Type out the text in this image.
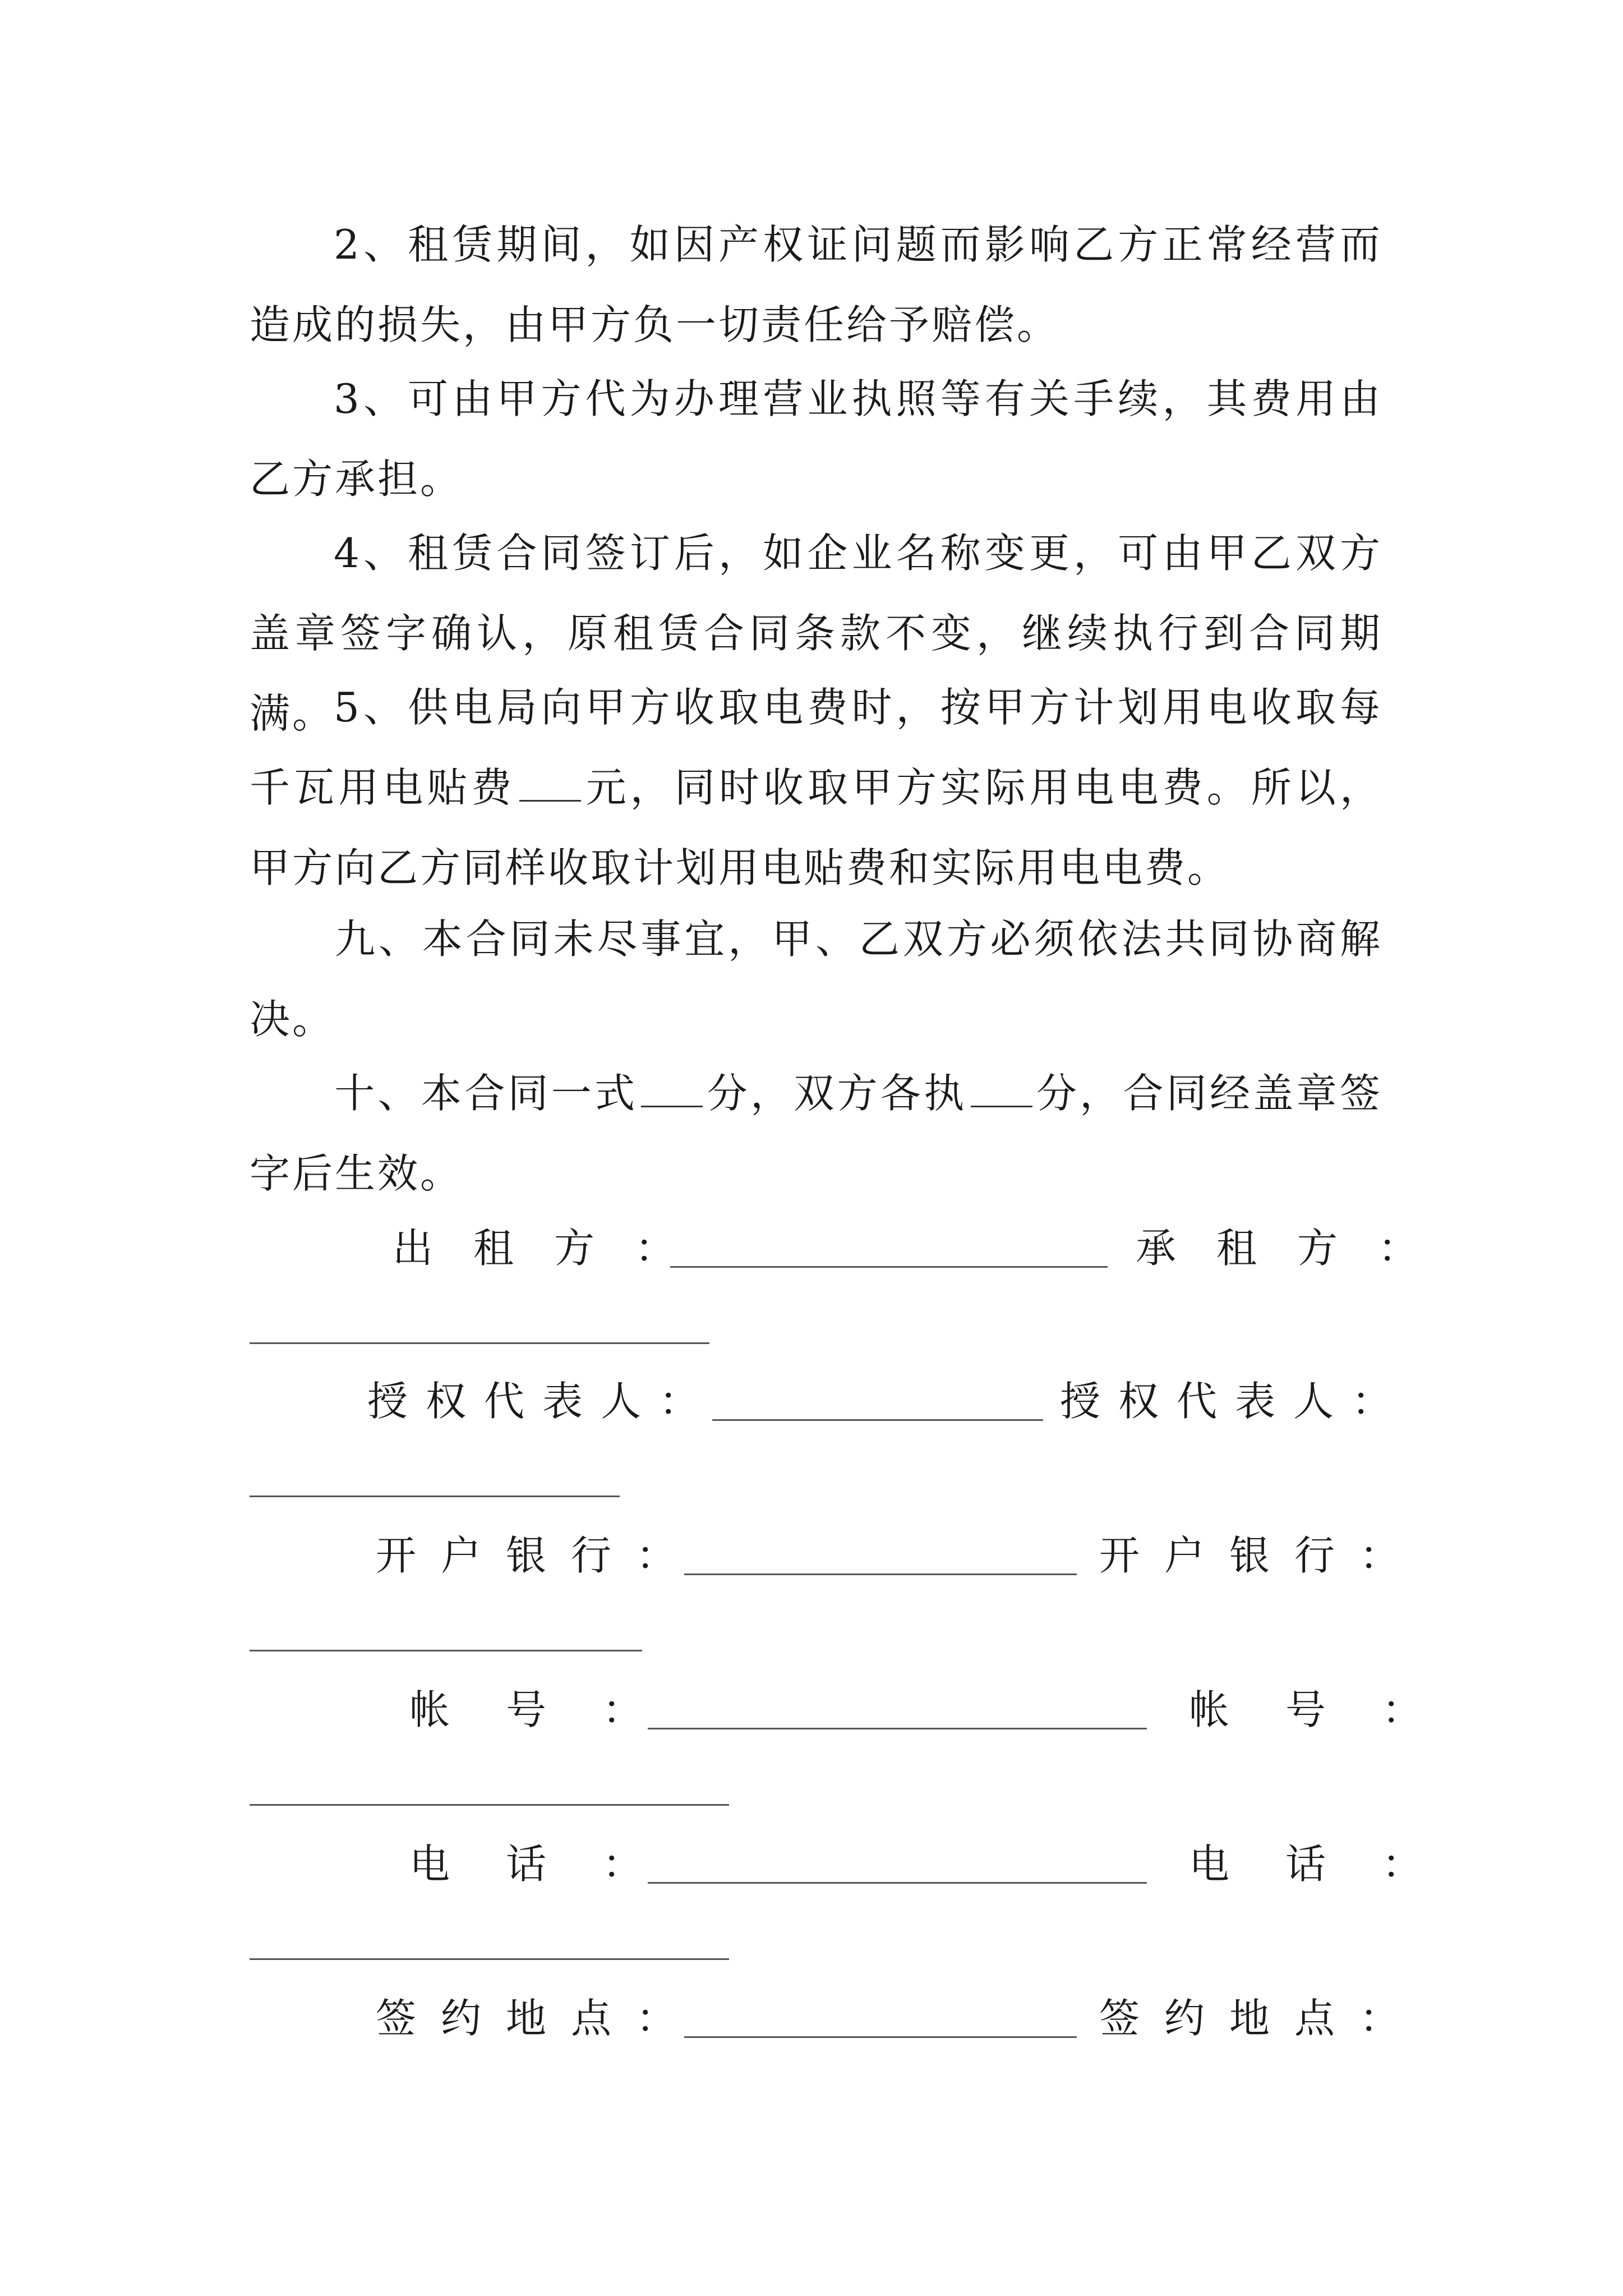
2、租赁期间，如因产权证问题而影响乙方正常经营而造成的损失，由甲方负一切责任给予赔偿。

3、可由甲方代为办理营业执照等有关手续，其费用由乙方承担。

4、租赁合同签订后，如企业名称变更，可由甲乙双方盖章签字确认，原租赁合同条款不变，继续执行到合同期满。

5、供电局向甲方收取电费时，按甲方计划用电收取每千瓦用电贴费 元，同时收取甲方实际用电电费。所以，甲方向乙方同样收取计划用电贴费和实际用电电费。

九、本合同未尽事宜，甲、乙双方必须依法共同协商解决。

十、本合同一式 分，双方各执 分，合同经盖章签字后生效。

出租方：	承租方：
授权代表人：	授权代表人：
开户银行：	开户银行：
帐号：	帐号：
电话：	电话：
签约地点：	签约地点：
